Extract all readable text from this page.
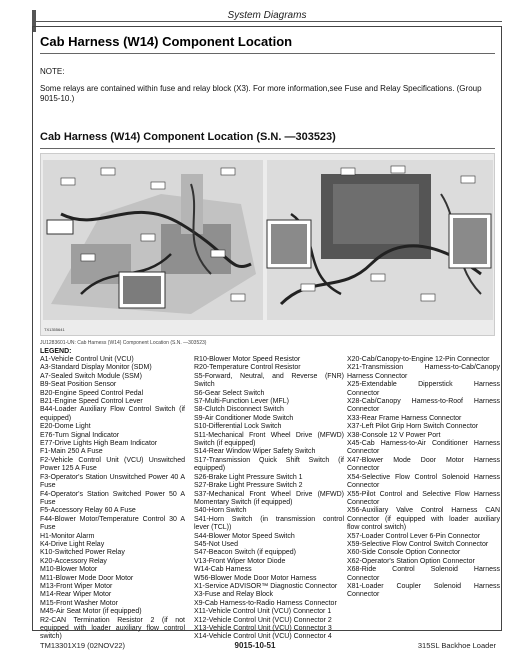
System Diagrams
Cab Harness (W14) Component Location
NOTE:
Some relays are contained within fuse and relay block (X3). For more information,see Fuse and Relay Specifications. (Group 9015-10.)
Cab Harness (W14) Component Location (S.N. —303523)
TX1355641
JU1283601-UN: Cab Harness (W14) Component Location (S.N. —303523)
LEGEND:
A1-Vehicle Control Unit (VCU)
A3-Standard Display Monitor (SDM)
A7-Sealed Switch Module (SSM)
B9-Seat Position Sensor
B20-Engine Speed Control Pedal
B21-Engine Speed Control Lever
B44-Loader Auxiliary Flow Control Switch (if
equipped)
E20-Dome Light
E76-Turn Signal Indicator
E77-Drive Lights High Beam Indicator
F1-Main 250 A Fuse
F2-Vehicle Control Unit (VCU) Unswitched
Power 125 A Fuse
F3-Operator's Station Unswitched Power 40 A
Fuse
F4-Operator's Station Switched Power 50 A
Fuse
F5-Accessory Relay 60 A Fuse
F44-Blower Motor/Temperature Control 30 A
Fuse
H1-Monitor Alarm
K4-Drive Light Relay
K10-Switched Power Relay
K20-Accessory Relay
M10-Blower Motor
M11-Blower Mode Door Motor
M13-Front Wiper Motor
M14-Rear Wiper Motor
M15-Front Washer Motor
M45-Air Seat Motor (if equipped)
R2-CAN Termination Resistor 2 (if not
equipped with loader auxiliary flow control
switch)
R10-Blower Motor Speed Resistor
R20-Temperature Control Resistor
S5-Forward, Neutral, and Reverse (FNR)
Switch
S6-Gear Select Switch
S7-Multi-Function Lever (MFL)
S8-Clutch Disconnect Switch
S9-Air Conditioner Mode Switch
S10-Differential Lock Switch
S11-Mechanical Front Wheel Drive (MFWD)
Switch (if equipped)
S14-Rear Window Wiper Safety Switch
S17-Transmission Quick Shift Switch (if
equipped)
S26-Brake Light Pressure Switch 1
S27-Brake Light Pressure Switch 2
S37-Mechanical Front Wheel Drive (MFWD)
Momentary Switch (if equipped)
S40-Horn Switch
S41-Horn Switch (in transmission control
lever (TCL))
S44-Blower Motor Speed Switch
S45-Not Used
S47-Beacon Switch (if equipped)
V13-Front Wiper Motor Diode
W14-Cab Harness
W56-Blower Mode Door Motor Harness
X1-Service ADVISOR™ Diagnostic Connector
X3-Fuse and Relay Block
X9-Cab Harness-to-Radio Harness Connector
X11-Vehicle Control Unit (VCU) Connector 1
X12-Vehicle Control Unit (VCU) Connector 2
X13-Vehicle Control Unit (VCU) Connector 3
X14-Vehicle Control Unit (VCU) Connector 4
X20-Cab/Canopy-to-Engine 12-Pin Connector
X21-Transmission Harness-to-Cab/Canopy
Harness Connector
X25-Extendable Dipperstick Harness
Connector
X28-Cab/Canopy Harness-to-Roof Harness
Connector
X33-Rear Frame Harness Connector
X37-Left Pilot Grip Horn Switch Connector
X38-Console 12 V Power Port
X45-Cab Harness-to-Air Conditioner Harness
Connector
X47-Blower Mode Door Motor Harness
Connector
X54-Selective Flow Control Solenoid Harness
Connector
X55-Pilot Control and Selective Flow Harness
Connector
X56-Auxiliary Valve Control Harness CAN
Connector (if equipped with loader auxiliary
flow control switch)
X57-Loader Control Lever 6-Pin Connector
X59-Selective Flow Control Switch Connector
X60-Side Console Option Connector
X62-Operator's Station Option Connector
X68-Ride Control Solenoid Harness
Connector
X81-Loader Coupler Solenoid Harness
Connector
TM13301X19 (02NOV22)	9015-10-51	315SL Backhoe Loader
